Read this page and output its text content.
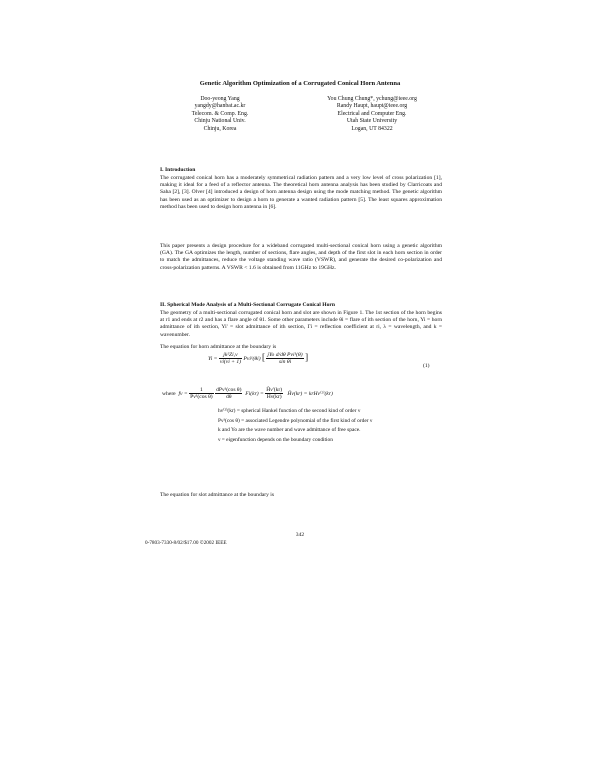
Genetic Algorithm Optimization of a Corrugated Conical Horn Antenna
Doo-yeong Yang
yangdy@hanbat.ac.kr
Telecom. & Comp. Eng.
Chinju National Univ.
Chinju, Korea
You Chung Chung*, ychung@ieee.org
Randy Haupt, haupt@ieee.org
Electrical and Computer Eng.
Utah State University
Logan, UT 84322
I. Introduction

The corrugated conical horn has a moderately symmetrical radiation pattern and a very low level of cross polarization [1], making it ideal for a feed of a reflector antenna. The theoretical horn antenna analysis has been studied by Clarricoats and Saha [2], [3]. Olver [4] introduced a design of horn antenna design using the mode matching method. The genetic algorithm has been used as an optimizer to design a horn to generate a wanted radiation pattern [5]. The least squares approximation method has been used to design horn antenna in [6].

This paper presents a design procedure for a wideband corrugated multi-sectional conical horn using a genetic algorithm (GA). The GA optimizes the length, number of sections, flare angles, and depth of the first slot in each horn section in order to match the admittances, reduce the voltage standing wave ratio (VSWR), and generate the desired co-polarization and cross-polarization patterns. A VSWR < 1.6 is obtained from 11GHz to 19GHz.

II. Spherical Mode Analysis of a Multi-Sectional Corrugate Conical Horn

The geometry of a multi-sectional corrugated conical horn and slot are shown in Figure 1. The 1st section of the horn begins at r1 and ends at r2 and has a flare angle of θ1. Some other parameters include θi = flare of ith section of the horn, Yi = horn admittance of ith section, Yi' = slot admittance of ith section, Γi = reflection coefficient at ri, λ = wavelength, and k = wavenumber.

The equation for horn admittance at the boundary is

$Yi = \frac{\text{jk²Zi,ν}}{\nu i(\nu i + 1)} P\nu i^1(\theta i)$ [ $\frac{\text{jYo d/dθ Pνi¹(θ)}}{\text{sin θi}}$ ]
(1)
where $f\nu = \frac{1}{\text{Pν¹(cos θ)}}$
$\frac{\text{dPν¹(cos θ)}}{d\theta} Fi(kr) = \frac{Ĥ\nu'(kr)}{Ĥ\nu(kr)}$ Ĥν(kr) = krHν⁽²⁾(kr)
hν⁽²⁾(kr) = spherical Hankel function of the second kind of order ν
Pν¹(cos θ) = associated Legendre polynomial of the first kind of order ν
k and Yo are the wave number and wave admittance of free space.
ν = eigenfunction depends on the boundary condition

The equation for slot admittance at the boundary is

342
0-7803-7330-8/02/$17.00 ©2002 IEEE
